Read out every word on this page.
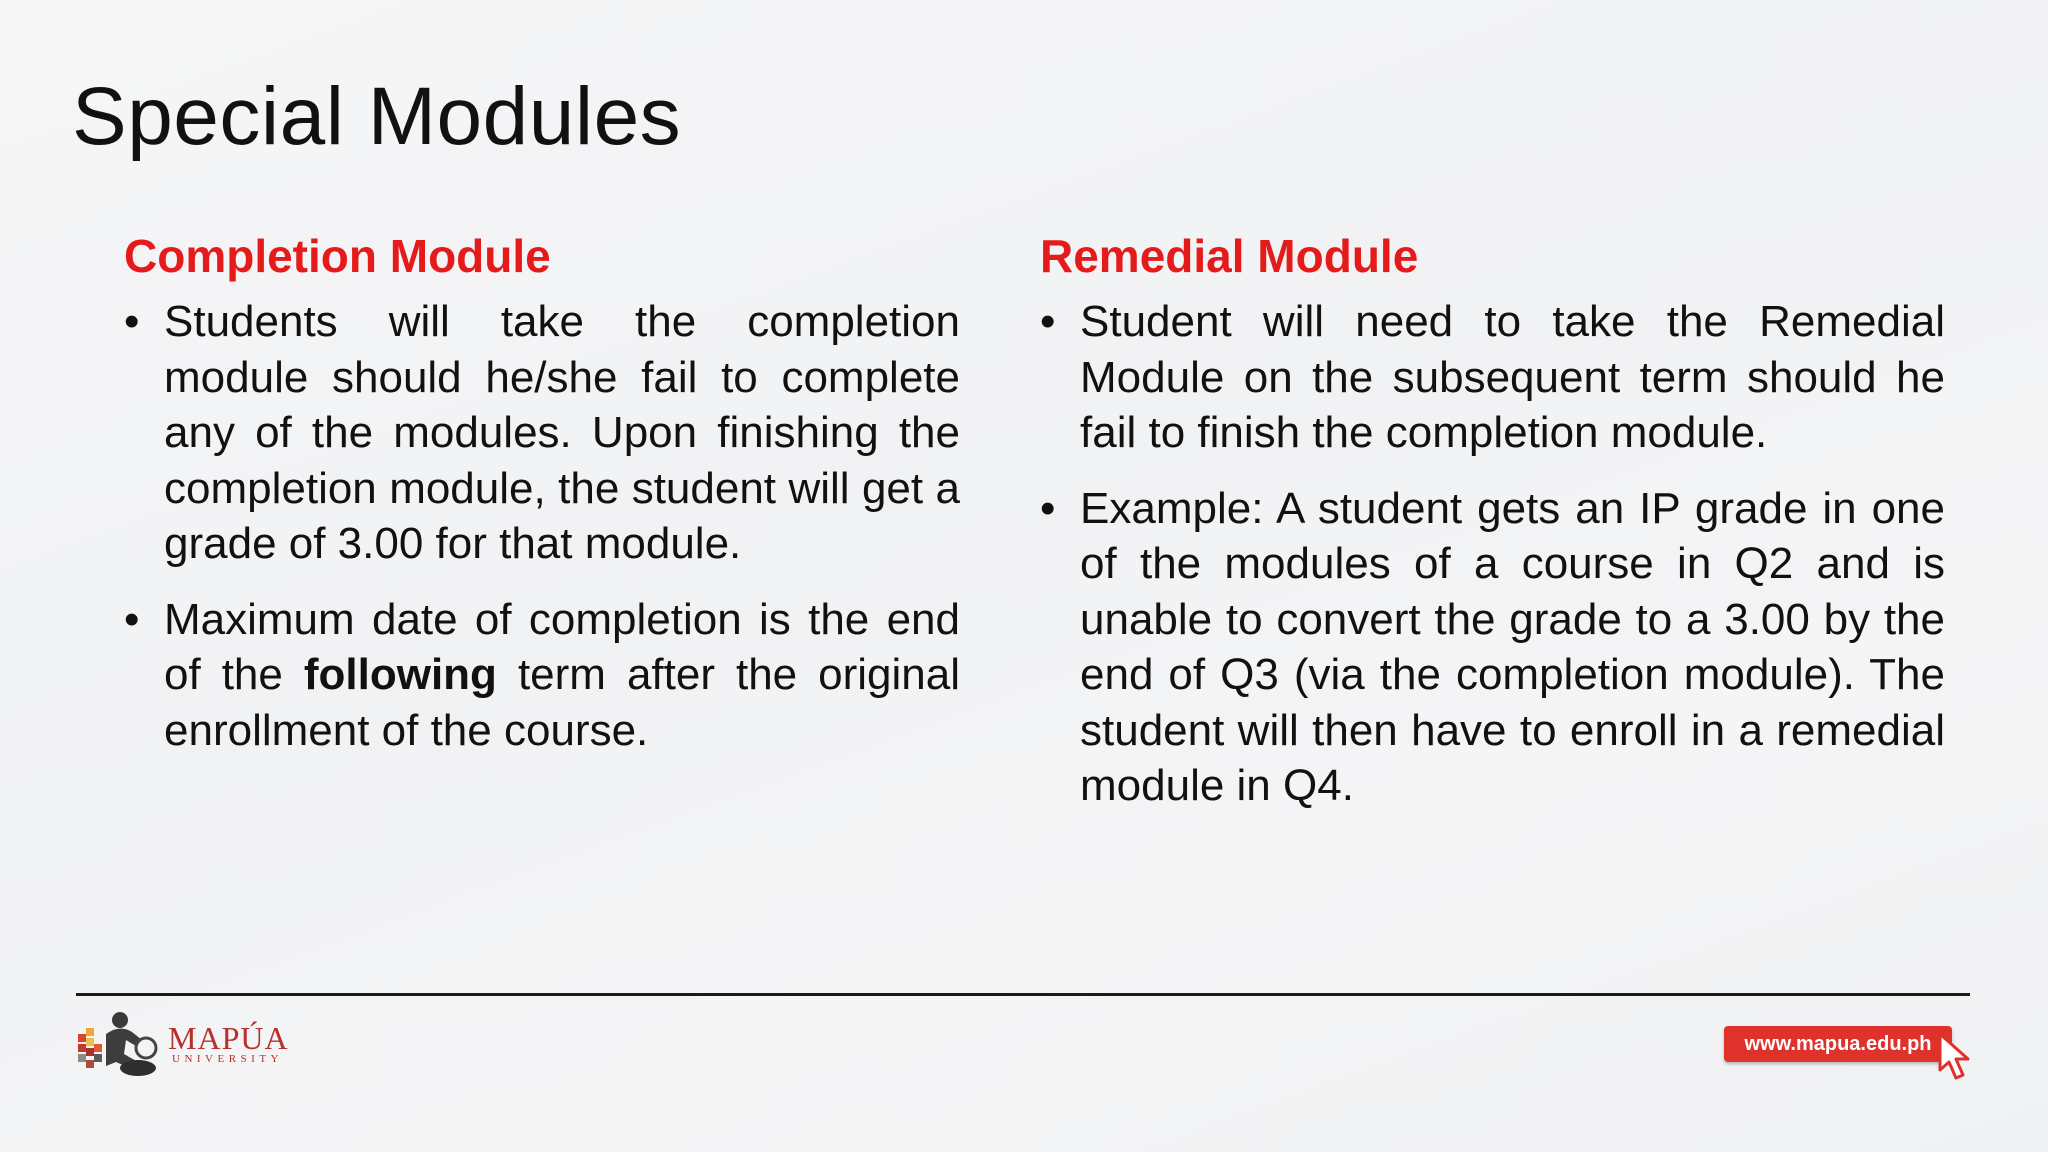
Special Modules
Completion Module
• Students will take the completion module should he/she fail to complete any of the modules. Upon finishing the completion module, the student will get a grade of 3.00 for that module.
• Maximum date of completion is the end of the following term after the original enrollment of the course.
Remedial Module
• Student will need to take the Remedial Module on the subsequent term should he fail to finish the completion module.
• Example: A student gets an IP grade in one of the modules of a course in Q2 and is unable to convert the grade to a 3.00 by the end of Q3 (via the completion module). The student will then have to enroll in a remedial module in Q4.
MAPÚA
UNIVERSITY
www.mapua.edu.ph
